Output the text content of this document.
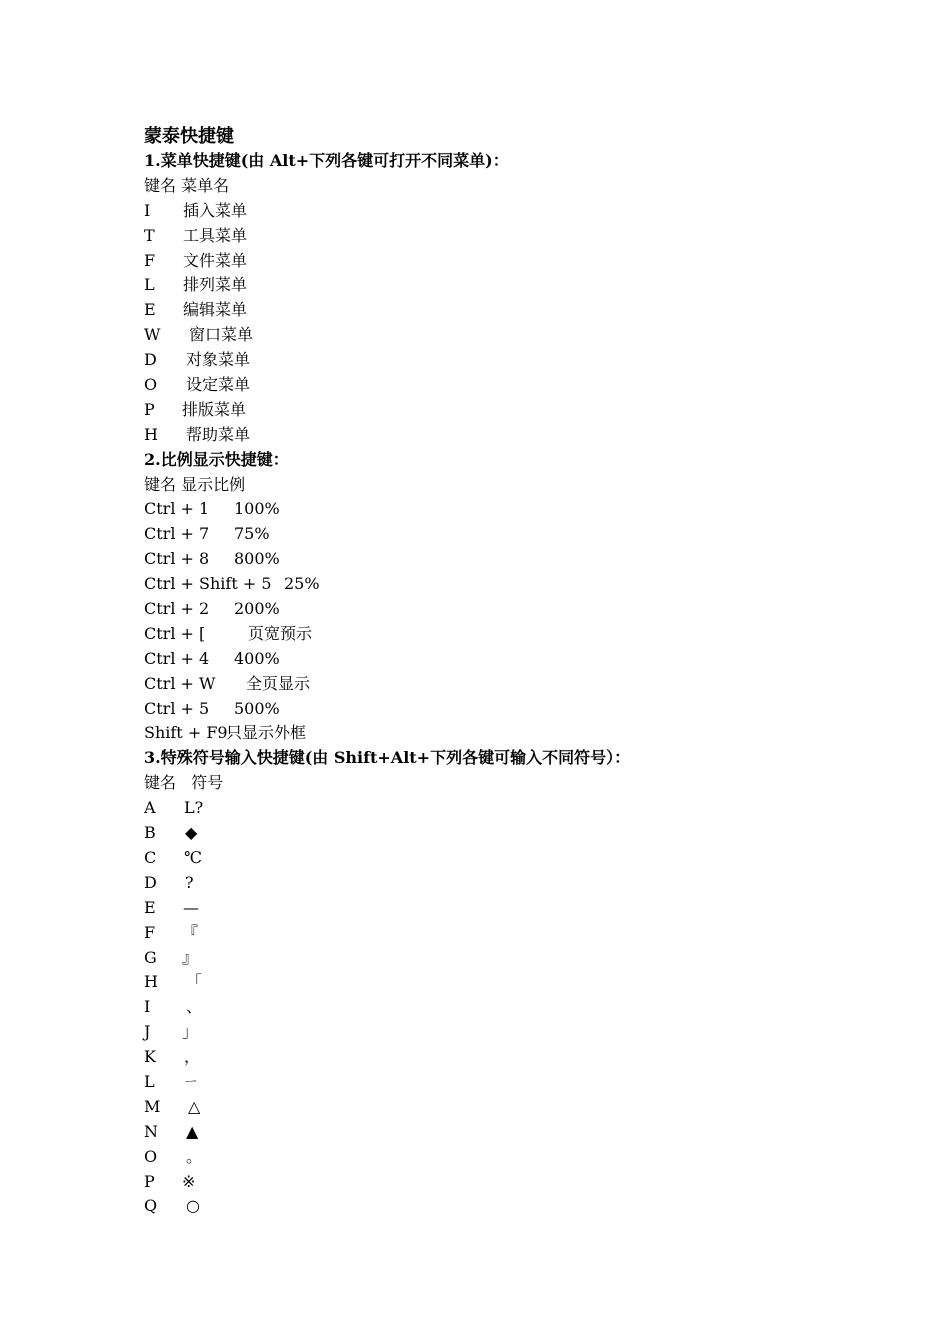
蒙泰快捷键
1.菜单快捷键(由 Alt+下列各键可打开不同菜单)：
键名 菜单名
I 插入菜单
T 工具菜单
F 文件菜单
L 排列菜单
E 编辑菜单
W 窗口菜单
D 对象菜单
O 设定菜单
P 排版菜单
H 帮助菜单
2.比例显示快捷键：
键名 显示比例
Ctrl + 1 100%
Ctrl + 7 75%
Ctrl + 8 800%
Ctrl + Shift + 5 25%
Ctrl + 2 200%
Ctrl + [	页宽预示
Ctrl + 4 400%
Ctrl + W 全页显示
Ctrl + 5 500%
Shift + F9只显示外框
3.特殊符号输入快捷键(由 Shift+Alt+下列各键可输入不同符号）：
键名   符号
A L?
B ◆
C ℃
D ?
E —
F 『
G 』
H 「
I 、
J 」
K ，
L ㄧ
M △
N ▲
O 。
P ※
Q ○
